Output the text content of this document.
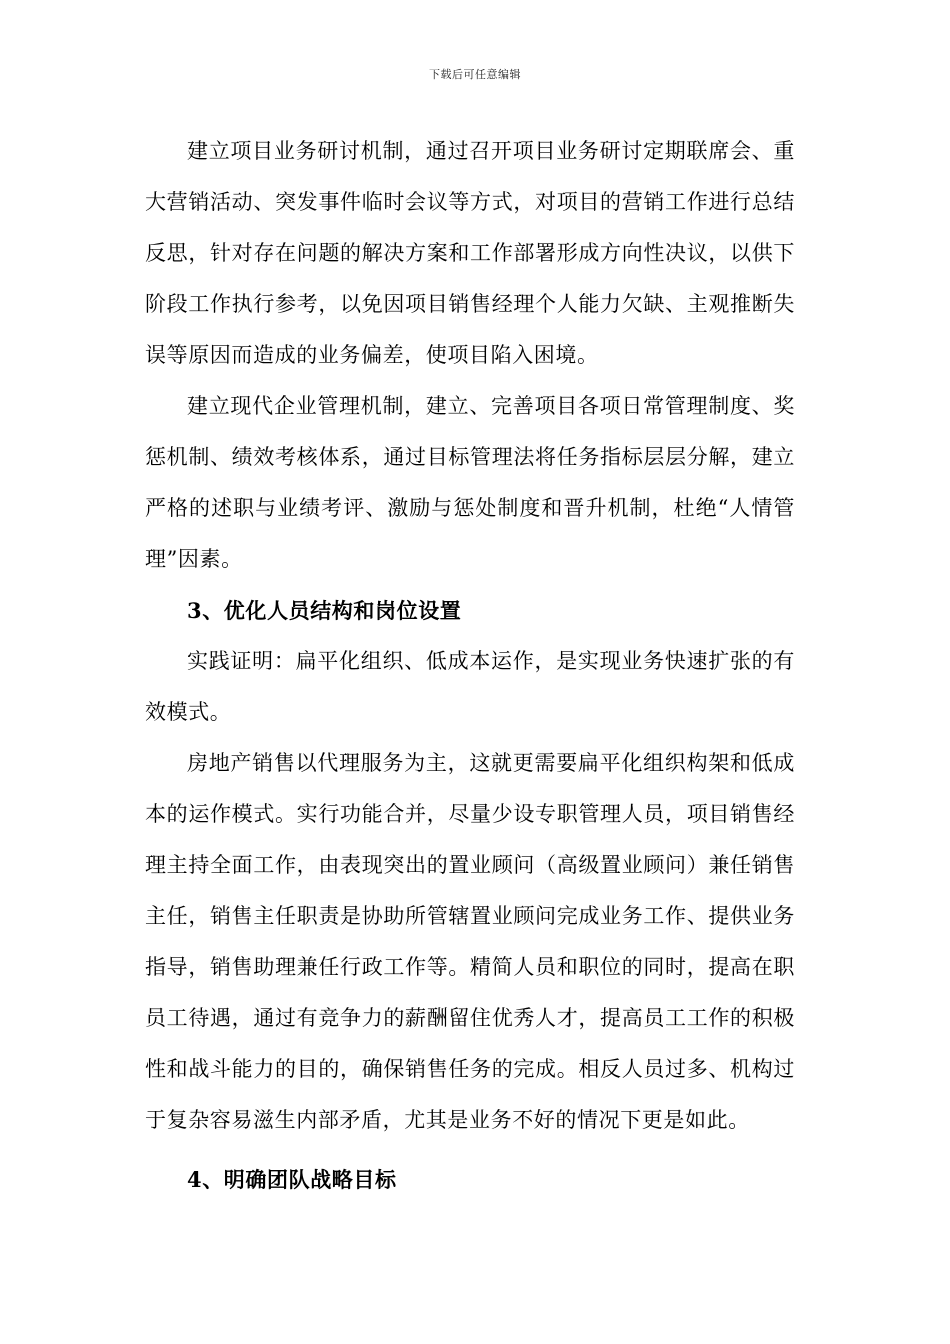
下载后可任意编辑

建立项目业务研讨机制，通过召开项目业务研讨定期联席会、重大营销活动、突发事件临时会议等方式，对项目的营销工作进行总结反思，针对存在问题的解决方案和工作部署形成方向性决议，以供下阶段工作执行参考，以免因项目销售经理个人能力欠缺、主观推断失误等原因而造成的业务偏差，使项目陷入困境。

建立现代企业管理机制，建立、完善项目各项日常管理制度、奖惩机制、绩效考核体系，通过目标管理法将任务指标层层分解，建立严格的述职与业绩考评、激励与惩处制度和晋升机制，杜绝“人情管理”因素。

3、优化人员结构和岗位设置

实践证明：扁平化组织、低成本运作，是实现业务快速扩张的有效模式。

房地产销售以代理服务为主，这就更需要扁平化组织构架和低成本的运作模式。实行功能合并，尽量少设专职管理人员，项目销售经理主持全面工作，由表现突出的置业顾问（高级置业顾问）兼任销售主任，销售主任职责是协助所管辖置业顾问完成业务工作、提供业务指导，销售助理兼任行政工作等。精简人员和职位的同时，提高在职员工待遇，通过有竞争力的薪酬留住优秀人才，提高员工工作的积极性和战斗能力的目的，确保销售任务的完成。相反人员过多、机构过于复杂容易滋生内部矛盾，尤其是业务不好的情况下更是如此。

4、明确团队战略目标
